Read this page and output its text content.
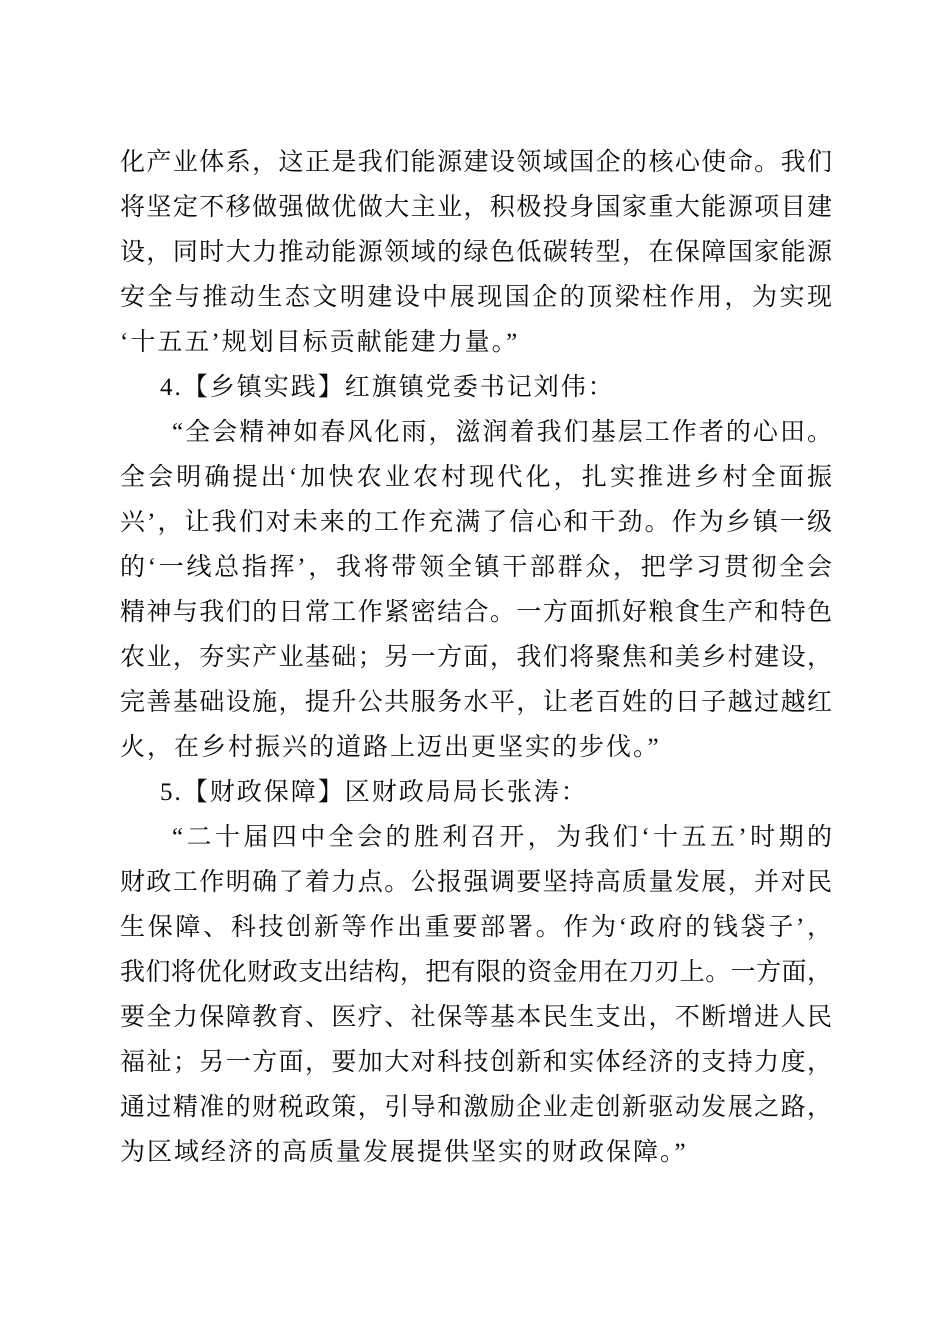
化产业体系，这正是我们能源建设领域国企的核心使命。我们
将坚定不移做强做优做大主业，积极投身国家重大能源项目建
设，同时大力推动能源领域的绿色低碳转型，在保障国家能源
安全与推动生态文明建设中展现国企的顶梁柱作用，为实现
‘十五五’规划目标贡献能建力量。”
4.【乡镇实践】红旗镇党委书记刘伟：
“全会精神如春风化雨，滋润着我们基层工作者的心田。
全会明确提出‘加快农业农村现代化，扎实推进乡村全面振
兴’，让我们对未来的工作充满了信心和干劲。作为乡镇一级
的‘一线总指挥’，我将带领全镇干部群众，把学习贯彻全会
精神与我们的日常工作紧密结合。一方面抓好粮食生产和特色
农业，夯实产业基础；另一方面，我们将聚焦和美乡村建设，
完善基础设施，提升公共服务水平，让老百姓的日子越过越红
火，在乡村振兴的道路上迈出更坚实的步伐。”
5.【财政保障】区财政局局长张涛：
“二十届四中全会的胜利召开，为我们‘十五五’时期的
财政工作明确了着力点。公报强调要坚持高质量发展，并对民
生保障、科技创新等作出重要部署。作为‘政府的钱袋子’，
我们将优化财政支出结构，把有限的资金用在刀刃上。一方面，
要全力保障教育、医疗、社保等基本民生支出，不断增进人民
福祉；另一方面，要加大对科技创新和实体经济的支持力度，
通过精准的财税政策，引导和激励企业走创新驱动发展之路，
为区域经济的高质量发展提供坚实的财政保障。”
